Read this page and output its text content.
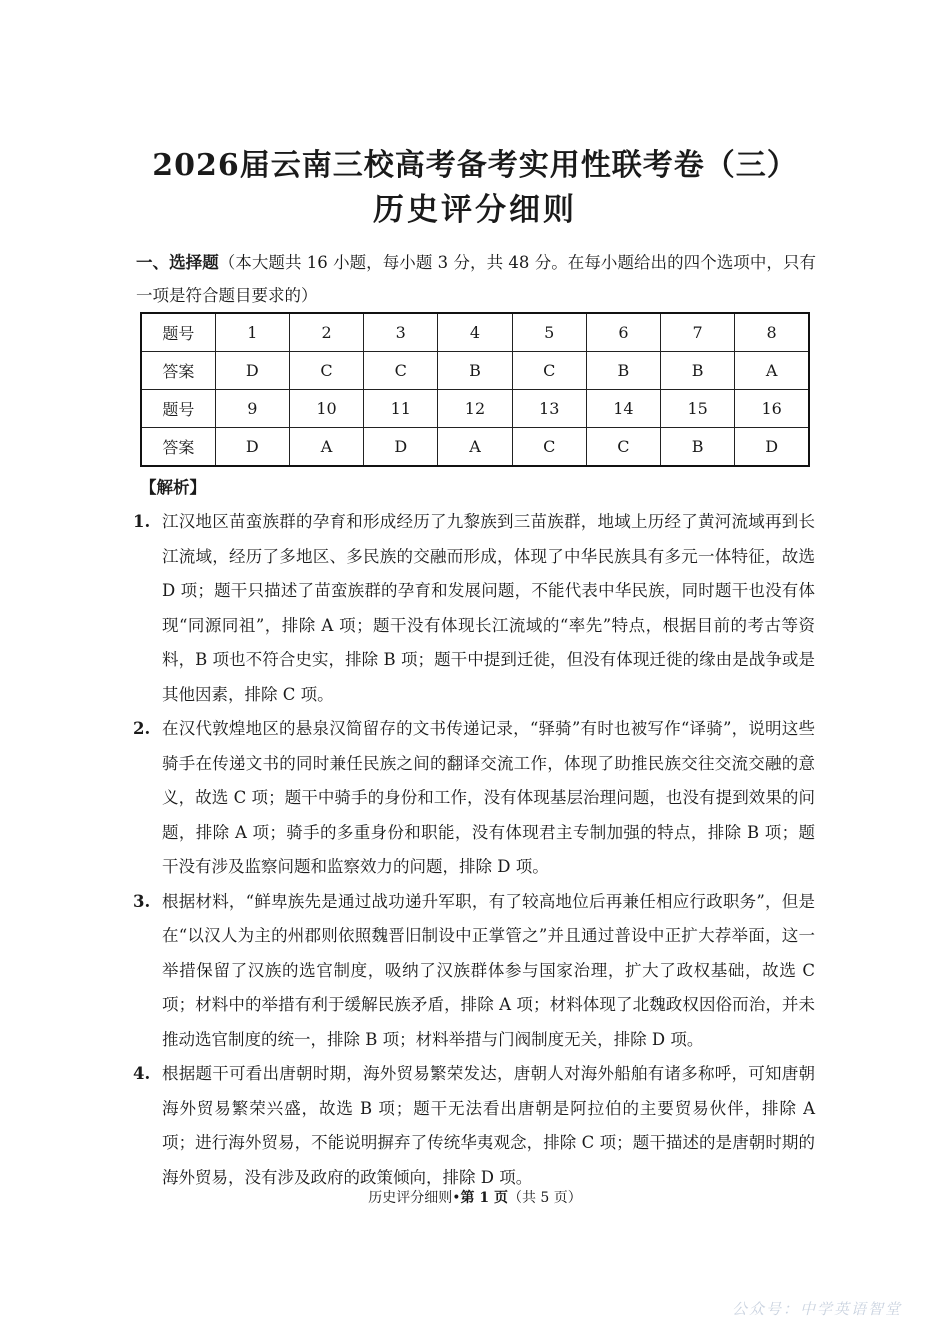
2026届云南三校高考备考实用性联考卷（三）
历史评分细则
一、选择题（本大题共 16 小题，每小题 3 分，共 48 分。在每小题给出的四个选项中，只有一项是符合题目要求的）
题号	1	2	3	4	5	6	7	8
答案	D	C	C	B	C	B	B	A
题号	9	10	11	12	13	14	15	16
答案	D	A	D	A	C	C	B	D
【解析】
1. 江汉地区苗蛮族群的孕育和形成经历了九黎族到三苗族群，地域上历经了黄河流域再到长江流域，经历了多地区、多民族的交融而形成，体现了中华民族具有多元一体特征，故选 D 项；题干只描述了苗蛮族群的孕育和发展问题，不能代表中华民族，同时题干也没有体现“同源同祖”，排除 A 项；题干没有体现长江流域的“率先”特点，根据目前的考古等资料，B 项也不符合史实，排除 B 项；题干中提到迁徙，但没有体现迁徙的缘由是战争或是其他因素，排除 C 项。
2. 在汉代敦煌地区的悬泉汉简留存的文书传递记录，“驿骑”有时也被写作“译骑”，说明这些骑手在传递文书的同时兼任民族之间的翻译交流工作，体现了助推民族交往交流交融的意义，故选 C 项；题干中骑手的身份和工作，没有体现基层治理问题，也没有提到效果的问题，排除 A 项；骑手的多重身份和职能，没有体现君主专制加强的特点，排除 B 项；题干没有涉及监察问题和监察效力的问题，排除 D 项。
3. 根据材料，“鲜卑族先是通过战功递升军职，有了较高地位后再兼任相应行政职务”，但是在“以汉人为主的州郡则依照魏晋旧制设中正掌管之”并且通过普设中正扩大荐举面，这一举措保留了汉族的选官制度，吸纳了汉族群体参与国家治理，扩大了政权基础，故选 C 项；材料中的举措有利于缓解民族矛盾，排除 A 项；材料体现了北魏政权因俗而治，并未推动选官制度的统一，排除 B 项；材料举措与门阀制度无关，排除 D 项。
4. 根据题干可看出唐朝时期，海外贸易繁荣发达，唐朝人对海外船舶有诸多称呼，可知唐朝海外贸易繁荣兴盛，故选 B 项；题干无法看出唐朝是阿拉伯的主要贸易伙伴，排除 A 项；进行海外贸易，不能说明摒弃了传统华夷观念，排除 C 项；题干描述的是唐朝时期的海外贸易，没有涉及政府的政策倾向，排除 D 项。
历史评分细则•第 1 页（共 5 页）
公众号：中学英语智堂
